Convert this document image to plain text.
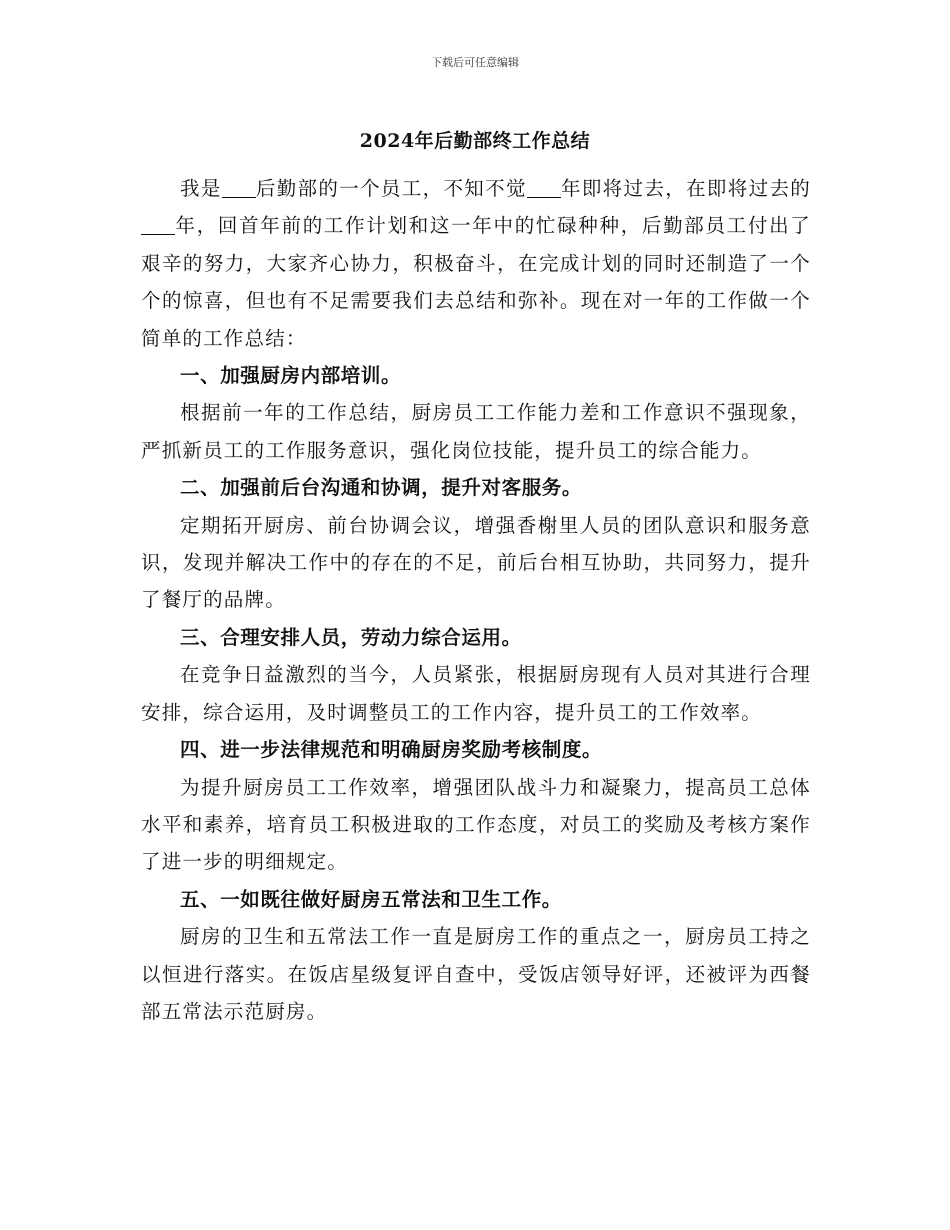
下载后可任意编辑
2024年后勤部终工作总结

我是 后勤部的一个员工，不知不觉 年即将过去，在即将过去的年，回首年前的工作计划和这一年中的忙碌种种，后勤部员工付出了艰辛的努力，大家齐心协力，积极奋斗，在完成计划的同时还制造了一个个的惊喜，但也有不足需要我们去总结和弥补。现在对一年的工作做一个简单的工作总结：

一、加强厨房内部培训。

根据前一年的工作总结，厨房员工工作能力差和工作意识不强现象，严抓新员工的工作服务意识，强化岗位技能，提升员工的综合能力。

二、加强前后台沟通和协调，提升对客服务。

定期拓开厨房、前台协调会议，增强香榭里人员的团队意识和服务意识，发现并解决工作中的存在的不足，前后台相互协助，共同努力，提升了餐厅的品牌。

三、合理安排人员，劳动力综合运用。

在竞争日益激烈的当今，人员紧张，根据厨房现有人员对其进行合理安排，综合运用，及时调整员工的工作内容，提升员工的工作效率。

四、进一步法律规范和明确厨房奖励考核制度。

为提升厨房员工工作效率，增强团队战斗力和凝聚力，提高员工总体水平和素养，培育员工积极进取的工作态度，对员工的奖励及考核方案作了进一步的明细规定。

五、一如既往做好厨房五常法和卫生工作。

厨房的卫生和五常法工作一直是厨房工作的重点之一，厨房员工持之以恒进行落实。在饭店星级复评自查中，受饭店领导好评，还被评为西餐部五常法示范厨房。
